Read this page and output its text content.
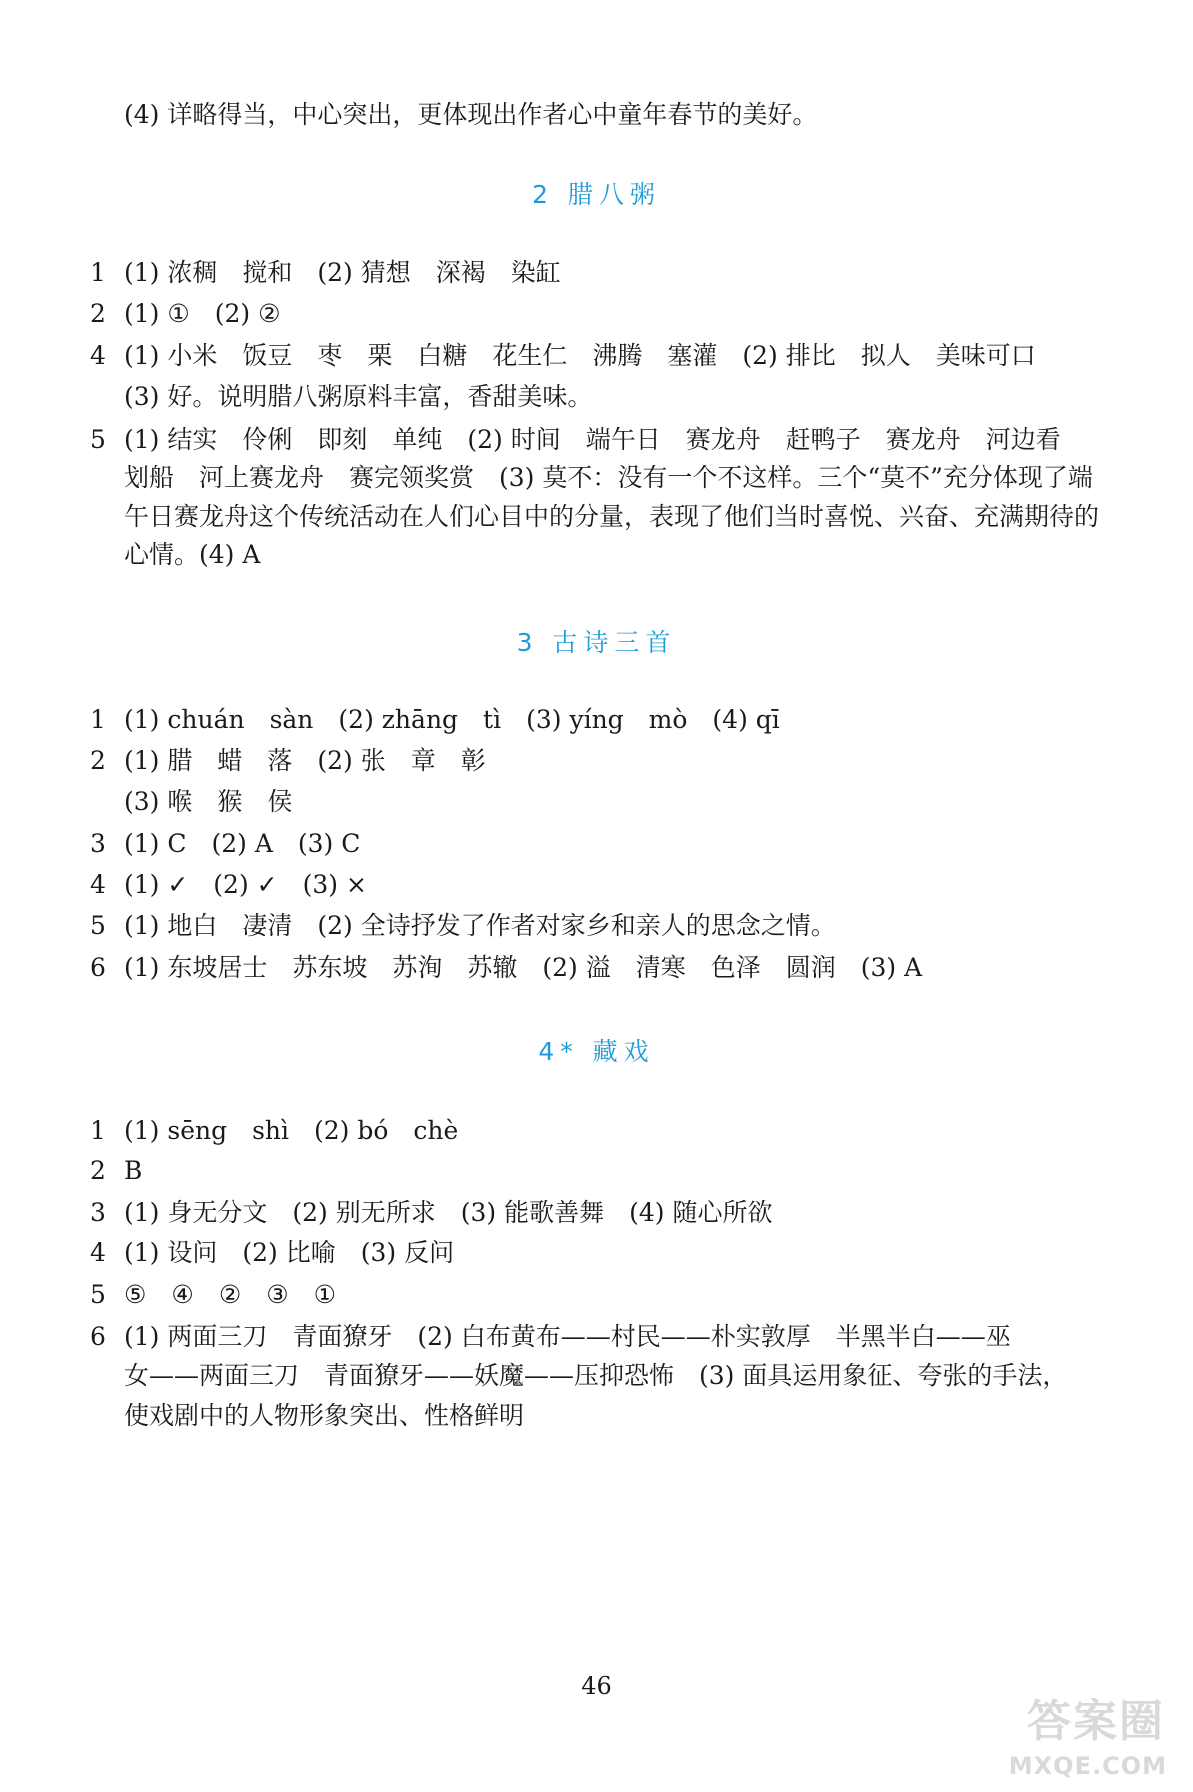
(4) 详略得当，中心突出，更体现出作者心中童年春节的美好。
2 腊八粥
1 (1) 浓稠　搅和　(2) 猜想　深褐　染缸
2 (1) ①　(2) ②
4 (1) 小米　饭豆　枣　栗　白糖　花生仁　沸腾　塞灌　(2) 排比　拟人　美味可口
(3) 好。说明腊八粥原料丰富，香甜美味。
5 (1) 结实　伶俐　即刻　单纯　(2) 时间　端午日　赛龙舟　赶鸭子　赛龙舟　河边看
划船　河上赛龙舟　赛完领奖赏　(3) 莫不：没有一个不这样。三个“莫不”充分体现了端
午日赛龙舟这个传统活动在人们心目中的分量，表现了他们当时喜悦、兴奋、充满期待的
心情。(4) A
3 古诗三首
1 (1) chuán　sàn　(2) zhāng　tì　(3) yíng　mò　(4) qī
2 (1) 腊　蜡　落　(2) 张　章　彰
(3) 喉　猴　侯
3 (1) C　(2) A　(3) C
4 (1) ✓　(2) ✓　(3) ×
5 (1) 地白　凄清　(2) 全诗抒发了作者对家乡和亲人的思念之情。
6 (1) 东坡居士　苏东坡　苏洵　苏辙　(2) 溢　清寒　色泽　圆润　(3) A
4* 藏戏
1 (1) sēng　shì　(2) bó　chè
2 B
3 (1) 身无分文　(2) 别无所求　(3) 能歌善舞　(4) 随心所欲
4 (1) 设问　(2) 比喻　(3) 反问
5 ⑤　④　②　③　①
6 (1) 两面三刀　青面獠牙　(2) 白布黄布——村民——朴实敦厚　半黑半白——巫
女——两面三刀　青面獠牙——妖魔——压抑恐怖　(3) 面具运用象征、夸张的手法，
使戏剧中的人物形象突出、性格鲜明
46
答案圈
MXQE.COM
